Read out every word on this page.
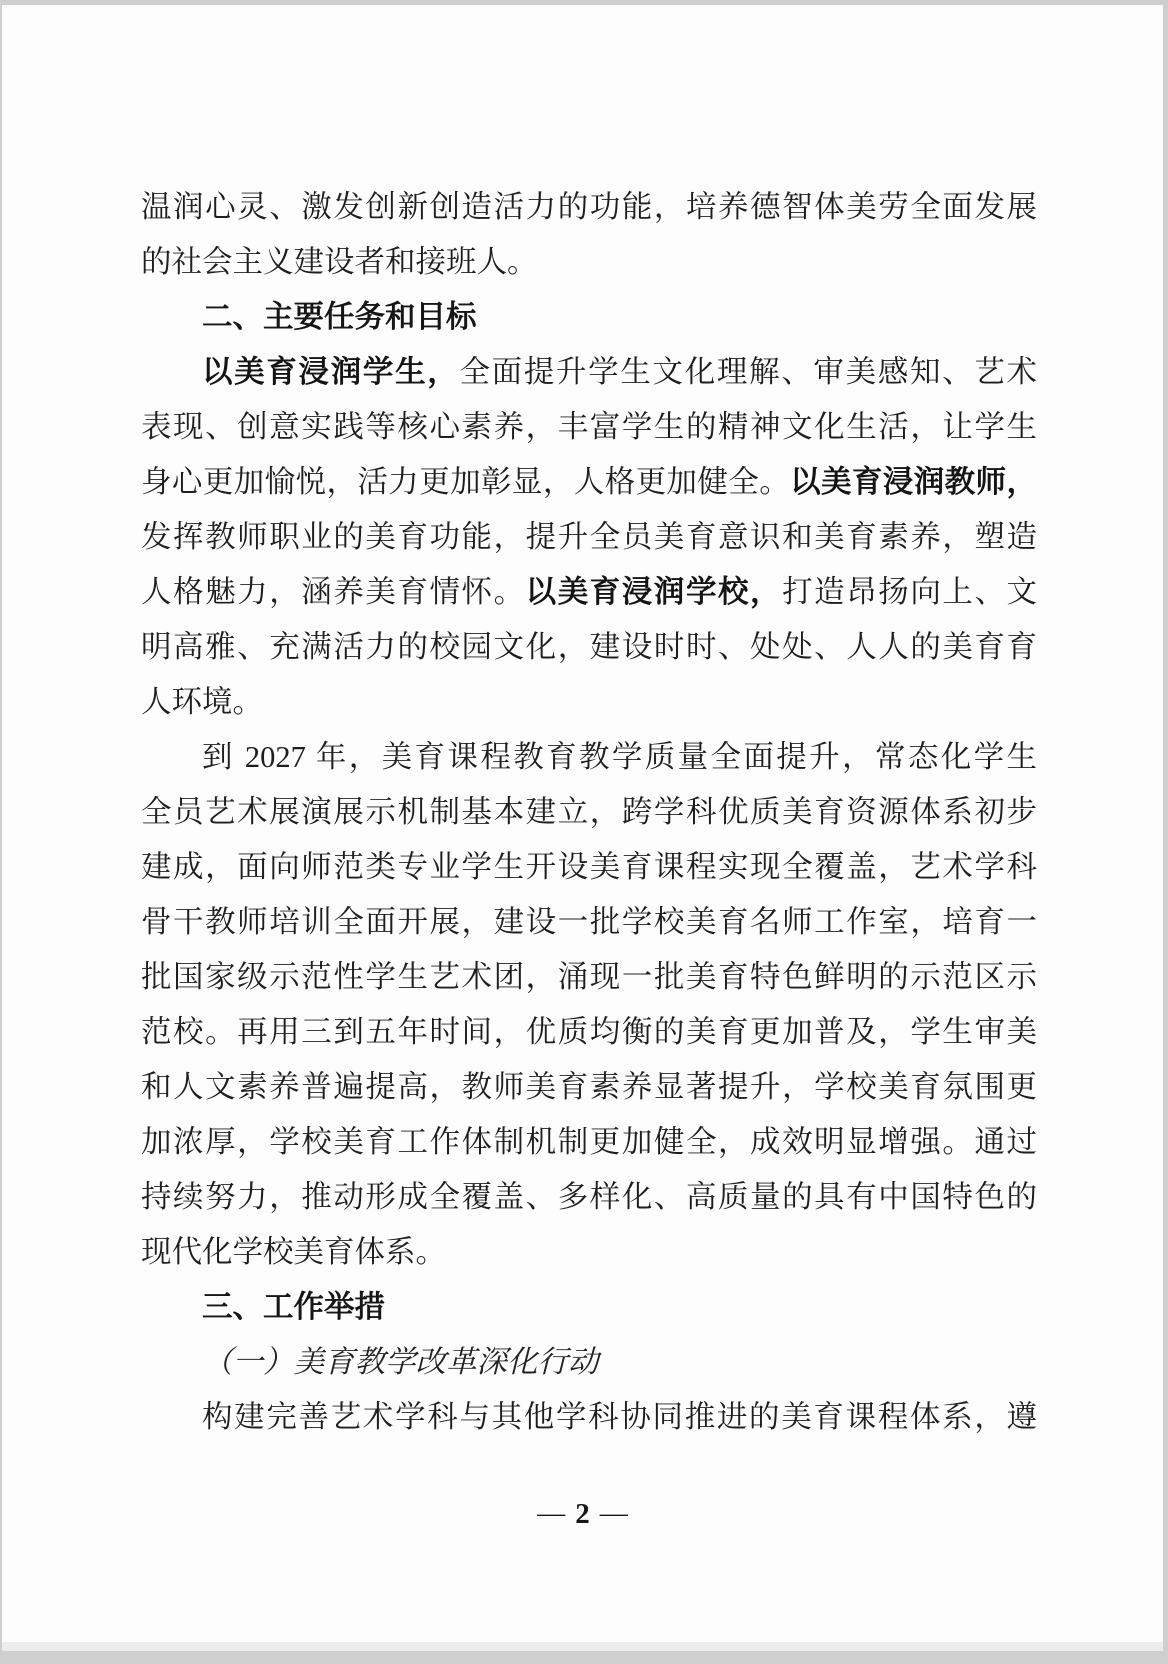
温润心灵、激发创新创造活力的功能，培养德智体美劳全面发展
的社会主义建设者和接班人。
二、主要任务和目标
以美育浸润学生，全面提升学生文化理解、审美感知、艺术
表现、创意实践等核心素养，丰富学生的精神文化生活，让学生
身心更加愉悦，活力更加彰显，人格更加健全。以美育浸润教师，
发挥教师职业的美育功能，提升全员美育意识和美育素养，塑造
人格魅力，涵养美育情怀。以美育浸润学校，打造昂扬向上、文
明高雅、充满活力的校园文化，建设时时、处处、人人的美育育
人环境。
到 2027 年，美育课程教育教学质量全面提升，常态化学生
全员艺术展演展示机制基本建立，跨学科优质美育资源体系初步
建成，面向师范类专业学生开设美育课程实现全覆盖，艺术学科
骨干教师培训全面开展，建设一批学校美育名师工作室，培育一
批国家级示范性学生艺术团，涌现一批美育特色鲜明的示范区示
范校。再用三到五年时间，优质均衡的美育更加普及，学生审美
和人文素养普遍提高，教师美育素养显著提升，学校美育氛围更
加浓厚，学校美育工作体制机制更加健全，成效明显增强。通过
持续努力，推动形成全覆盖、多样化、高质量的具有中国特色的
现代化学校美育体系。
三、工作举措
（一）美育教学改革深化行动
构建完善艺术学科与其他学科协同推进的美育课程体系，遵
— 2 —
